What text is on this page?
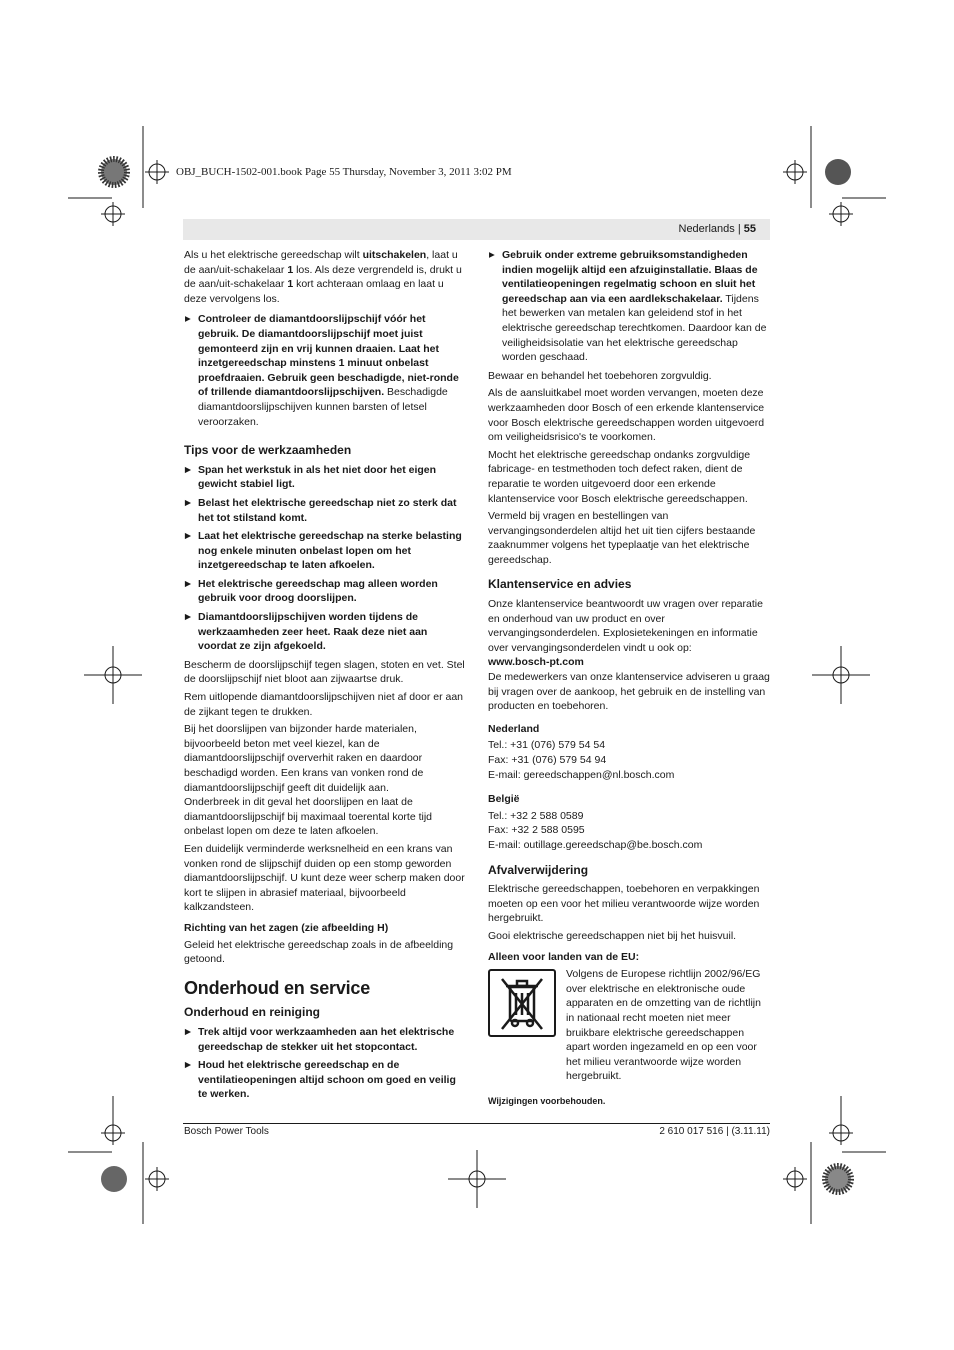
OBJ_BUCH-1502-001.book Page 55 Thursday, November 3, 2011 3:02 PM
Nederlands | 55

Als u het elektrische gereedschap wilt uitschakelen, laat u de aan/uit-schakelaar 1 los. Als deze vergrendeld is, drukt u de aan/uit-schakelaar 1 kort achteraan omlaag en laat u deze vervolgens los.

▶ Controleer de diamantdoorslijpschijf vóór het gebruik. De diamantdoorslijpschijf moet juist gemonteerd zijn en vrij kunnen draaien. Laat het inzetgereedschap minstens 1 minuut onbelast proefdraaien. Gebruik geen beschadigde, niet-ronde of trillende diamantdoorslijpschijven. Beschadigde diamantdoorslijpschijven kunnen barsten of letsel veroorzaken.
Tips voor de werkzaamheden
▶ Span het werkstuk in als het niet door het eigen gewicht stabiel ligt.
▶ Belast het elektrische gereedschap niet zo sterk dat het tot stilstand komt.
▶ Laat het elektrische gereedschap na sterke belasting nog enkele minuten onbelast lopen om het inzetgereedschap te laten afkoelen.
▶ Het elektrische gereedschap mag alleen worden gebruik voor droog doorslijpen.
▶ Diamantdoorslijpschijven worden tijdens de werkzaamheden zeer heet. Raak deze niet aan voordat ze zijn afgekoeld.

Bescherm de doorslijpschijf tegen slagen, stoten en vet. Stel de doorslijpschijf niet bloot aan zijwaartse druk.

Rem uitlopende diamantdoorslijpschijven niet af door er aan de zijkant tegen te drukken.

Bij het doorslijpen van bijzonder harde materialen, bijvoorbeeld beton met veel kiezel, kan de diamantdoorslijpschijf oververhit raken en daardoor beschadigd worden. Een krans van vonken rond de diamantdoorslijpschijf geeft dit duidelijk aan.

Onderbreek in dit geval het doorslijpen en laat de diamantdoorslijpschijf bij maximaal toerental korte tijd onbelast lopen om deze te laten afkoelen.

Een duidelijk verminderde werksnelheid en een krans van vonken rond de slijpschijf duiden op een stomp geworden diamantdoorslijpschijf. U kunt deze weer scherp maken door kort te slijpen in abrasief materiaal, bijvoorbeeld kalkzandsteen.

Richting van het zagen (zie afbeelding H)

Geleid het elektrische gereedschap zoals in de afbeelding getoond.

Onderhoud en service
Onderhoud en reiniging
▶ Trek altijd voor werkzaamheden aan het elektrische gereedschap de stekker uit het stopcontact.
▶ Houd het elektrische gereedschap en de ventilatieopeningen altijd schoon om goed en veilig te werken.
▶ Gebruik onder extreme gebruiksomstandigheden indien mogelijk altijd een afzuiginstallatie. Blaas de ventilatieopeningen regelmatig schoon en sluit het gereedschap aan via een aardlekschakelaar. Tijdens het bewerken van metalen kan geleidend stof in het elektrische gereedschap terechtkomen. Daardoor kan de veiligheidsisolatie van het elektrische gereedschap worden geschaad.

Bewaar en behandel het toebehoren zorgvuldig.

Als de aansluitkabel moet worden vervangen, moeten deze werkzaamheden door Bosch of een erkende klantenservice voor Bosch elektrische gereedschappen worden uitgevoerd om veiligheidsrisico's te voorkomen.

Mocht het elektrische gereedschap ondanks zorgvuldige fabricage- en testmethoden toch defect raken, dient de reparatie te worden uitgevoerd door een erkende klantenservice voor Bosch elektrische gereedschappen.

Vermeld bij vragen en bestellingen van vervangingsonderdelen altijd het uit tien cijfers bestaande zaaknummer volgens het typeplaatje van het elektrische gereedschap.

Klantenservice en advies

Onze klantenservice beantwoordt uw vragen over reparatie en onderhoud van uw product en over vervangingsonderdelen. Explosietekeningen en informatie over vervangingsonderdelen vindt u ook op:

www.bosch-pt.com

De medewerkers van onze klantenservice adviseren u graag bij vragen over de aankoop, het gebruik en de instelling van producten en toebehoren.

Nederland
Tel.: +31 (076) 579 54 54
Fax: +31 (076) 579 54 94
E-mail: gereedschappen@nl.bosch.com
België
Tel.: +32 2 588 0589
Fax: +32 2 588 0595
E-mail: outillage.gereedschap@be.bosch.com
Afvalverwijdering

Elektrische gereedschappen, toebehoren en verpakkingen moeten op een voor het milieu verantwoorde wijze worden hergebruikt.

Gooi elektrische gereedschappen niet bij het huisvuil.

Alleen voor landen van de EU:
Volgens de Europese richtlijn 2002/96/EG over elektrische en elektronische oude apparaten en de omzetting van de richtlijn in nationaal recht moeten niet meer bruikbare elektrische gereedschappen apart worden ingezameld en op een voor het milieu verantwoorde wijze worden hergebruikt.
Wijzigingen voorbehouden.
Bosch Power Tools	2 610 017 516 | (3.11.11)
